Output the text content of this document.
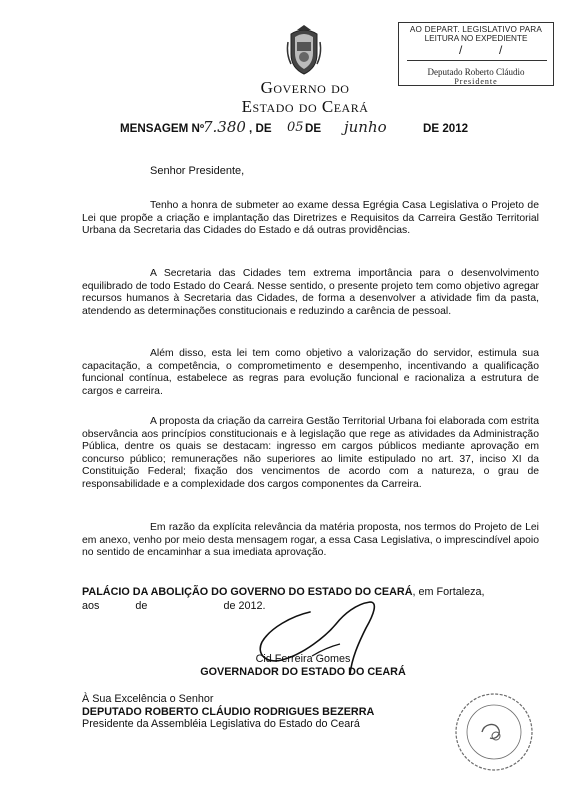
AO DEPART. LEGISLATIVO PARA
LEITURA NO EXPEDIENTE
/	/
Deputado Roberto Cláudio
Presidente
Governo do
Estado do Ceará
MENSAGEM Nº
7.380 , DE 05 DE junho	DE 2012
Senhor Presidente,
Tenho a honra de submeter ao exame dessa Egrégia Casa Legislativa o Projeto de Lei que propõe a criação e implantação das Diretrizes e Requisitos da Carreira Gestão Territorial Urbana da Secretaria das Cidades do Estado e dá outras providências.
A Secretaria das Cidades tem extrema importância para o desenvolvimento equilibrado de todo Estado do Ceará. Nesse sentido, o presente projeto tem como objetivo agregar recursos humanos à Secretaria das Cidades, de forma a desenvolver a atividade fim da pasta, atendendo as determinações constitucionais e reduzindo a carência de pessoal.
Além disso, esta lei tem como objetivo a valorização do servidor, estimula sua capacitação, a competência, o comprometimento e desempenho, incentivando a qualificação funcional contínua, estabelece as regras para evolução funcional e racionaliza a estrutura de cargos e carreira.
A proposta da criação da carreira Gestão Territorial Urbana foi elaborada com estrita observância aos princípios constitucionais e à legislação que rege as atividades da Administração Pública, dentre os quais se destacam: ingresso em cargos públicos mediante aprovação em concurso público; remunerações não superiores ao limite estipulado no art. 37, inciso XI da Constituição Federal; fixação dos vencimentos de acordo com a natureza, o grau de responsabilidade e a complexidade dos cargos componentes da Carreira.
Em razão da explícita relevância da matéria proposta, nos termos do Projeto de Lei em anexo, venho por meio desta mensagem rogar, a essa Casa Legislativa, o imprescindível apoio no sentido de encaminhar a sua imediata aprovação.
PALÁCIO DA ABOLIÇÃO DO GOVERNO DO ESTADO DO CEARÁ, em Fortaleza,
aos	de	de 2012.
Cid Ferreira Gomes
GOVERNADOR DO ESTADO DO CEARÁ
À Sua Excelência o Senhor
DEPUTADO ROBERTO CLÁUDIO RODRIGUES BEZERRA
Presidente da Assembléia Legislativa do Estado do Ceará
